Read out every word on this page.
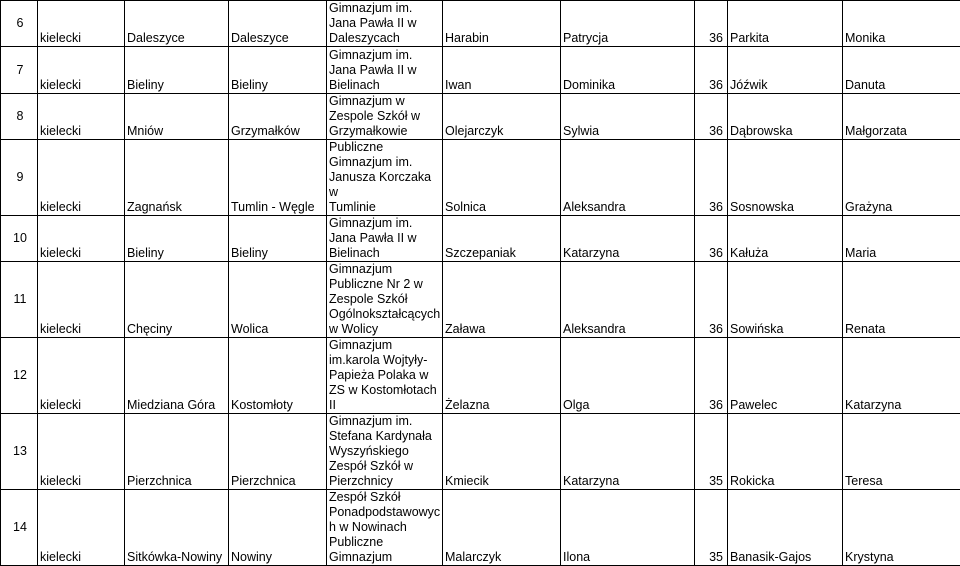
6	kielecki	Daleszyce	Daleszyce	Gimnazjum im.
Jana Pawła II w
Daleszycach	Harabin	Patrycja	36	Parkita	Monika
7	kielecki	Bieliny	Bieliny	Gimnazjum im.
Jana Pawła II w
Bielinach	Iwan	Dominika	36	Jóźwik	Danuta
8	kielecki	Mniów	Grzymałków	Gimnazjum w
Zespole Szkół w
Grzymałkowie	Olejarczyk	Sylwia	36	Dąbrowska	Małgorzata
9	kielecki	Zagnańsk	Tumlin - Węgle	Publiczne
Gimnazjum im.
Janusza Korczaka w
Tumlinie	Solnica	Aleksandra	36	Sosnowska	Grażyna
10	kielecki	Bieliny	Bieliny	Gimnazjum im.
Jana Pawła II w
Bielinach	Szczepaniak	Katarzyna	36	Kałuża	Maria
11	kielecki	Chęciny	Wolica	Gimnazjum
Publiczne Nr 2 w
Zespole Szkół
Ogólnokształcących
w Wolicy	Zaława	Aleksandra	36	Sowińska	Renata
12	kielecki	Miedziana Góra	Kostomłoty	Gimnazjum
im.karola Wojtyły-
Papieża Polaka w
ZS w Kostomłotach
II	Żelazna	Olga	36	Pawelec	Katarzyna
13	kielecki	Pierzchnica	Pierzchnica	Gimnazjum im.
Stefana Kardynała
Wyszyńskiego
Zespół Szkół w
Pierzchnicy	Kmiecik	Katarzyna	35	Rokicka	Teresa
14	kielecki	Sitkówka-Nowiny	Nowiny	Zespół Szkół
Ponadpodstawowyc
h w Nowinach
Publiczne
Gimnazjum	Malarczyk	Ilona	35	Banasik-Gajos	Krystyna
